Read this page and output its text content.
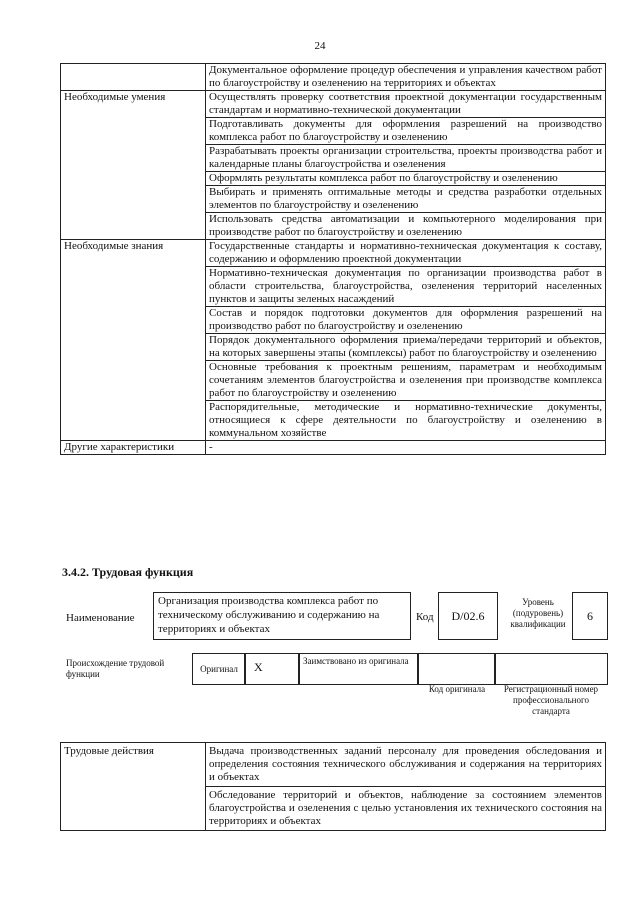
24
	Документальное оформление процедур обеспечения и управления качеством работ по благоустройству и озеленению на территориях и объектах
Необходимые умения	Осуществлять проверку соответствия проектной документации государственным стандартам и нормативно-технической документации
	Подготавливать документы для оформления разрешений на производство комплекса работ по благоустройству и озеленению
	Разрабатывать проекты организации строительства, проекты производства работ и календарные планы благоустройства и озеленения
	Оформлять результаты комплекса работ по благоустройству и озеленению
	Выбирать и применять оптимальные методы и средства разработки отдельных элементов по благоустройству и озеленению
	Использовать средства автоматизации и компьютерного моделирования при производстве работ по благоустройству и озеленению
Необходимые знания	Государственные стандарты и нормативно-техническая документация к составу, содержанию и оформлению проектной документации
	Нормативно-техническая документация по организации производства работ в области строительства, благоустройства, озеленения территорий населенных пунктов и защиты зеленых насаждений
	Состав и порядок подготовки документов для оформления разрешений на производство работ по благоустройству и озеленению
	Порядок документального оформления приема/передачи территорий и объектов, на которых завершены этапы (комплексы) работ по благоустройству и озеленению
	Основные требования к проектным решениям, параметрам и необходимым сочетаниям элементов благоустройства и озеленения при производстве комплекса работ по благоустройству и озеленению
	Распорядительные, методические и нормативно-технические документы, относящиеся к сфере деятельности по благоустройству и озеленению в коммунальном хозяйстве
Другие характеристики	-
3.4.2. Трудовая функция
Наименование
Организация производства комплекса работ по техническому обслуживанию и содержанию на территориях и объектах
Код	D/02.6
Уровень (подуровень) квалификации
6
Происхождение трудовой функции	Оригинал	X	Заимствовано из оригинала
Код оригинала	Регистрационный номер профессионального стандарта
Трудовые действия	Выдача производственных заданий персоналу для проведения обследования и определения состояния технического обслуживания и содержания на территориях и объектах
Обследование территорий и объектов, наблюдение за состоянием элементов благоустройства и озеленения с целью установления их технического состояния на территориях и объектах
